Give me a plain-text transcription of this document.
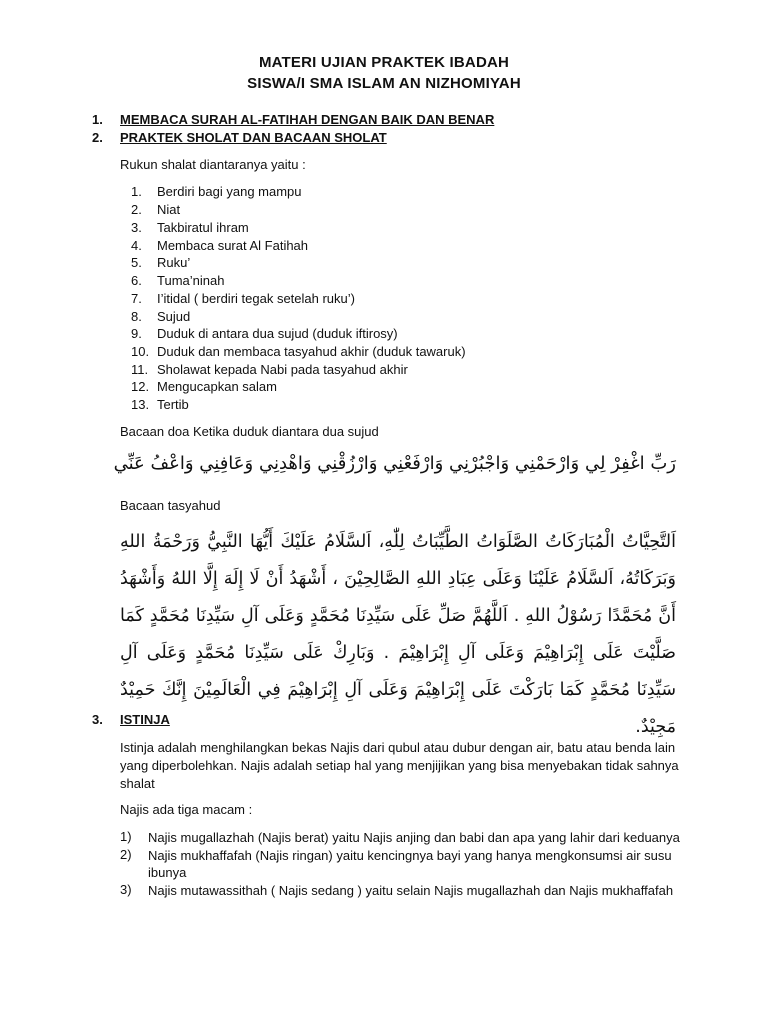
MATERI UJIAN PRAKTEK IBADAH
SISWA/I SMA ISLAM AN NIZHOMIYAH
1. MEMBACA SURAH AL-FATIHAH DENGAN BAIK DAN BENAR
2. PRAKTEK SHOLAT DAN BACAAN SHOLAT
Rukun shalat diantaranya yaitu :
1. Berdiri bagi yang mampu
2. Niat
3. Takbiratul ihram
4. Membaca surat Al Fatihah
5. Ruku’
6. Tuma’ninah
7. I’itidal ( berdiri tegak setelah ruku’)
8. Sujud
9. Duduk di antara dua sujud (duduk iftirosy)
10. Duduk dan membaca tasyahud akhir (duduk tawaruk)
11. Sholawat kepada Nabi pada tasyahud akhir
12. Mengucapkan salam
13. Tertib
Bacaan doa Ketika duduk diantara dua sujud
رَبِّ اغْفِرْ لِي وَارْحَمْنِي وَاجْبُرْنِي وَارْفَعْنِي وَارْزُقْنِي وَاهْدِنِي وَعَافِنِي وَاعْفُ عَنِّي
Bacaan tasyahud
اَلتَّحِيَّاتُ الْمُبَارَكَاتُ الصَّلَوَاتُ الطَّيِّبَاتُ لِلّٰهِ، اَلسَّلَامُ عَلَيْكَ أَيُّهَا النَّبِيُّ وَرَحْمَةُ اللهِ وَبَرَكَاتُهُ، اَلسَّلَامُ عَلَيْنَا وَعَلَى عِبَادِ اللهِ الصَّالِحِيْنَ ، أَشْهَدُ أَنْ لَا إِلَهَ إِلَّا اللهُ وَأَشْهَدُ أَنَّ مُحَمَّدًا رَسُوْلُ اللهِ . اَللَّهُمَّ صَلِّ عَلَى سَيِّدِنَا مُحَمَّدٍ وَعَلَى آلِ سَيِّدِنَا مُحَمَّدٍ كَمَا صَلَّيْتَ عَلَى إِبْرَاهِيْمَ وَعَلَى آلِ إِبْرَاهِيْمَ . وَبَارِكْ عَلَى سَيِّدِنَا مُحَمَّدٍ وَعَلَى آلِ سَيِّدِنَا مُحَمَّدٍ كَمَا بَارَكْتَ عَلَى إِبْرَاهِيْمَ وَعَلَى آلِ إِبْرَاهِيْمَ فِي الْعَالَمِيْنَ إِنَّكَ حَمِيْدٌ مَجِيْدٌ.
3. ISTINJA
Istinja adalah menghilangkan bekas Najis dari qubul atau dubur dengan air, batu atau benda lain yang diperbolehkan. Najis adalah setiap hal yang menjijikan yang bisa menyebakan tidak sahnya shalat
Najis ada tiga macam :
1) Najis mugallazhah (Najis berat) yaitu Najis anjing dan babi dan apa yang lahir dari keduanya
2) Najis mukhaffafah (Najis ringan) yaitu kencingnya bayi yang hanya mengkonsumsi air susu ibunya
3) Najis mutawassithah ( Najis sedang ) yaitu selain Najis mugallazhah dan Najis mukhaffafah
